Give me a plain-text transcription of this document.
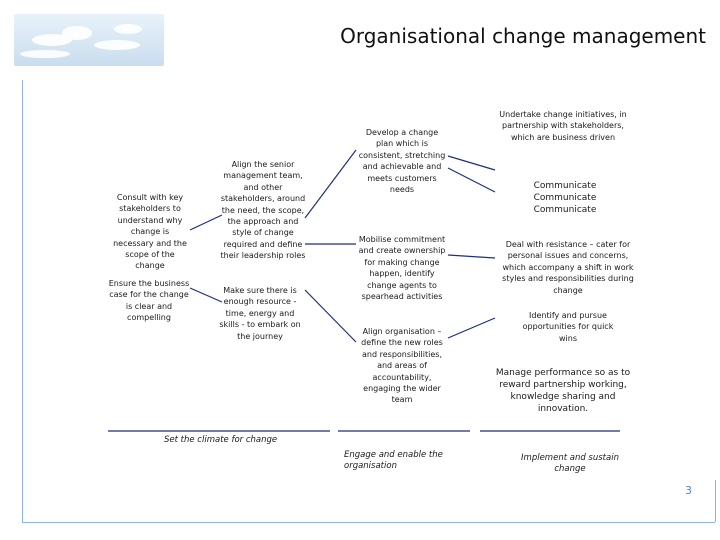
Organisational change management
Consult with key stakeholders to understand why change is necessary and the scope of the change
Ensure the business case for the change is clear and compelling
Align the senior management team, and other stakeholders, around the need, the scope, the approach and style of change required and define their leadership roles
Make sure there is enough resource - time, energy and skills - to embark on the journey
Develop a change plan which is consistent, stretching and achievable and meets customers needs
Mobilise commitment and create ownership for making change happen, identify change agents to spearhead activities
Align organisation – define the new roles and responsibilities, and areas of accountability, engaging the wider team
Undertake change initiatives, in partnership with stakeholders, which are business driven
Communicate
Communicate
Communicate
Deal with resistance – cater for personal issues and concerns, which accompany a shift in work styles and responsibilities during change
Identify and pursue opportunities for quick wins
Manage performance so as to reward partnership working, knowledge sharing and innovation.
Set the climate for change
Engage and enable the organisation
Implement and sustain change
3
